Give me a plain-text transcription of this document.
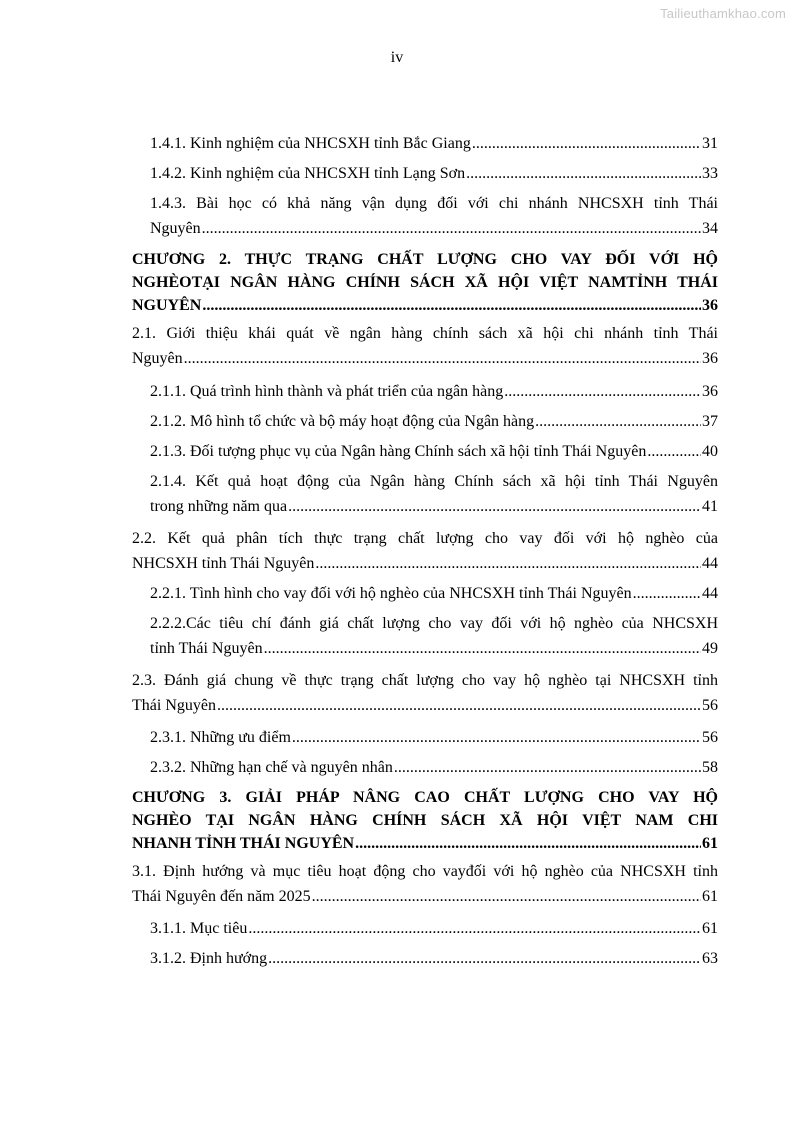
Tailieuthamkhao.com
iv
1.4.1. Kinh nghiệm của NHCSXH tỉnh Bắc Giang .....	31
1.4.2. Kinh nghiệm của NHCSXH tỉnh Lạng Sơn .....	33
1.4.3. Bài học có khả năng vận dụng đối với chi nhánh NHCSXH tỉnh Thái
Nguyên .....	34
CHƯƠNG 2. THỰC TRẠNG CHẤT LƯỢNG CHO VAY ĐỐI VỚI HỘ
NGHÈOTẠI NGÂN HÀNG CHÍNH SÁCH XÃ HỘI VIỆT NAMTỈNH THÁI
NGUYÊN .....	36
2.1. Giới thiệu khái quát về ngân hàng chính sách xã hội chi nhánh tỉnh Thái
Nguyên .....	36
2.1.1. Quá trình hình thành và phát triển của ngân hàng .....	36
2.1.2. Mô hình tổ chức và bộ máy hoạt động của Ngân hàng .....	37
2.1.3. Đối tượng phục vụ của Ngân hàng Chính sách xã hội tỉnh Thái Nguyên .....	40
2.1.4. Kết quả hoạt động của Ngân hàng Chính sách xã hội tỉnh Thái Nguyên
trong những năm qua .....	41
2.2. Kết quả phân tích thực trạng chất lượng cho vay đối với hộ nghèo của
NHCSXH tỉnh Thái Nguyên .....	44
2.2.1. Tình hình cho vay đối với hộ nghèo của NHCSXH tỉnh Thái Nguyên .....	44
2.2.2.Các tiêu chí đánh giá chất lượng cho vay đối với hộ nghèo của NHCSXH
tỉnh Thái Nguyên .....	49
2.3. Đánh giá chung về thực trạng chất lượng cho vay hộ nghèo tại NHCSXH tỉnh
Thái Nguyên .....	56
2.3.1. Những ưu điểm .....	56
2.3.2. Những hạn chế và nguyên nhân .....	58
CHƯƠNG 3. GIẢI PHÁP NÂNG CAO CHẤT LƯỢNG CHO VAY HỘ
NGHÈO TẠI NGÂN HÀNG CHÍNH SÁCH XÃ HỘI VIỆT NAM CHI
NHANH TỈNH THÁI NGUYÊN .....	61
3.1. Định hướng và mục tiêu hoạt động cho vayđối với hộ nghèo của NHCSXH tỉnh
Thái Nguyên đến năm 2025 .....	61
3.1.1. Mục tiêu .....	61
3.1.2. Định hướng .....	63
